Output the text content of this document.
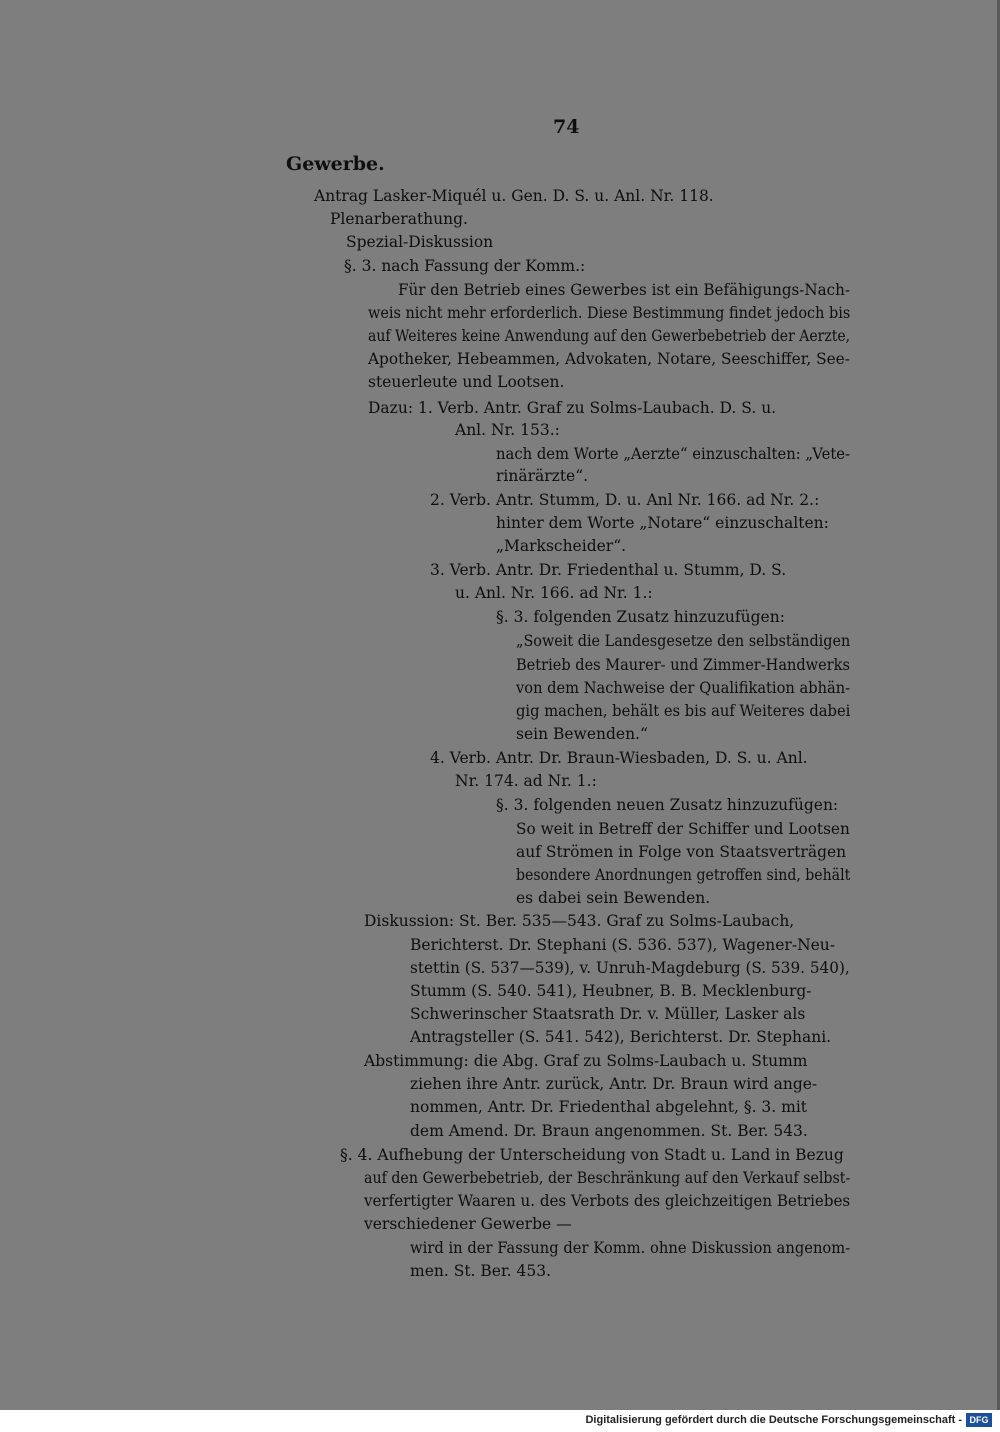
74
Gewerbe.
Antrag Lasker-Miquél u. Gen. D. S. u. Anl. Nr. 118.
Plenarberathung.
Spezial-Diskussion
§. 3. nach Fassung der Komm.:
Für den Betrieb eines Gewerbes ist ein Befähigungs-Nach-
weis nicht mehr erforderlich. Diese Bestimmung findet jedoch bis
auf Weiteres keine Anwendung auf den Gewerbebetrieb der Aerzte,
Apotheker, Hebeammen, Advokaten, Notare, Seeschiffer, See-
steuerleute und Lootsen.
Dazu: 1. Verb. Antr. Graf zu Solms-Laubach. D. S. u.
Anl. Nr. 153.:
nach dem Worte „Aerzte“ einzuschalten: „Vete-
rinärärzte“.
2. Verb. Antr. Stumm, D. u. Anl Nr. 166. ad Nr. 2.:
hinter dem Worte „Notare“ einzuschalten:
„Markscheider“.
3. Verb. Antr. Dr. Friedenthal u. Stumm, D. S.
u. Anl. Nr. 166. ad Nr. 1.:
§. 3. folgenden Zusatz hinzuzufügen:
„Soweit die Landesgesetze den selbständigen
Betrieb des Maurer- und Zimmer-Handwerks
von dem Nachweise der Qualifikation abhän-
gig machen, behält es bis auf Weiteres dabei
sein Bewenden.“
4. Verb. Antr. Dr. Braun-Wiesbaden, D. S. u. Anl.
Nr. 174. ad Nr. 1.:
§. 3. folgenden neuen Zusatz hinzuzufügen:
So weit in Betreff der Schiffer und Lootsen
auf Strömen in Folge von Staatsverträgen
besondere Anordnungen getroffen sind, behält
es dabei sein Bewenden.
Diskussion: St. Ber. 535—543. Graf zu Solms-Laubach,
Berichterst. Dr. Stephani (S. 536. 537), Wagener-Neu-
stettin (S. 537—539), v. Unruh-Magdeburg (S. 539. 540),
Stumm (S. 540. 541), Heubner, B. B. Mecklenburg-
Schwerinscher Staatsrath Dr. v. Müller, Lasker als
Antragsteller (S. 541. 542), Berichterst. Dr. Stephani.
Abstimmung: die Abg. Graf zu Solms-Laubach u. Stumm
ziehen ihre Antr. zurück, Antr. Dr. Braun wird ange-
nommen, Antr. Dr. Friedenthal abgelehnt, §. 3. mit
dem Amend. Dr. Braun angenommen. St. Ber. 543.
§. 4. Aufhebung der Unterscheidung von Stadt u. Land in Bezug
auf den Gewerbebetrieb, der Beschränkung auf den Verkauf selbst-
verfertigter Waaren u. des Verbots des gleichzeitigen Betriebes
verschiedener Gewerbe —
wird in der Fassung der Komm. ohne Diskussion angenom-
men. St. Ber. 453.
Digitalisierung gefördert durch die Deutsche Forschungsgemeinschaft - DFG
